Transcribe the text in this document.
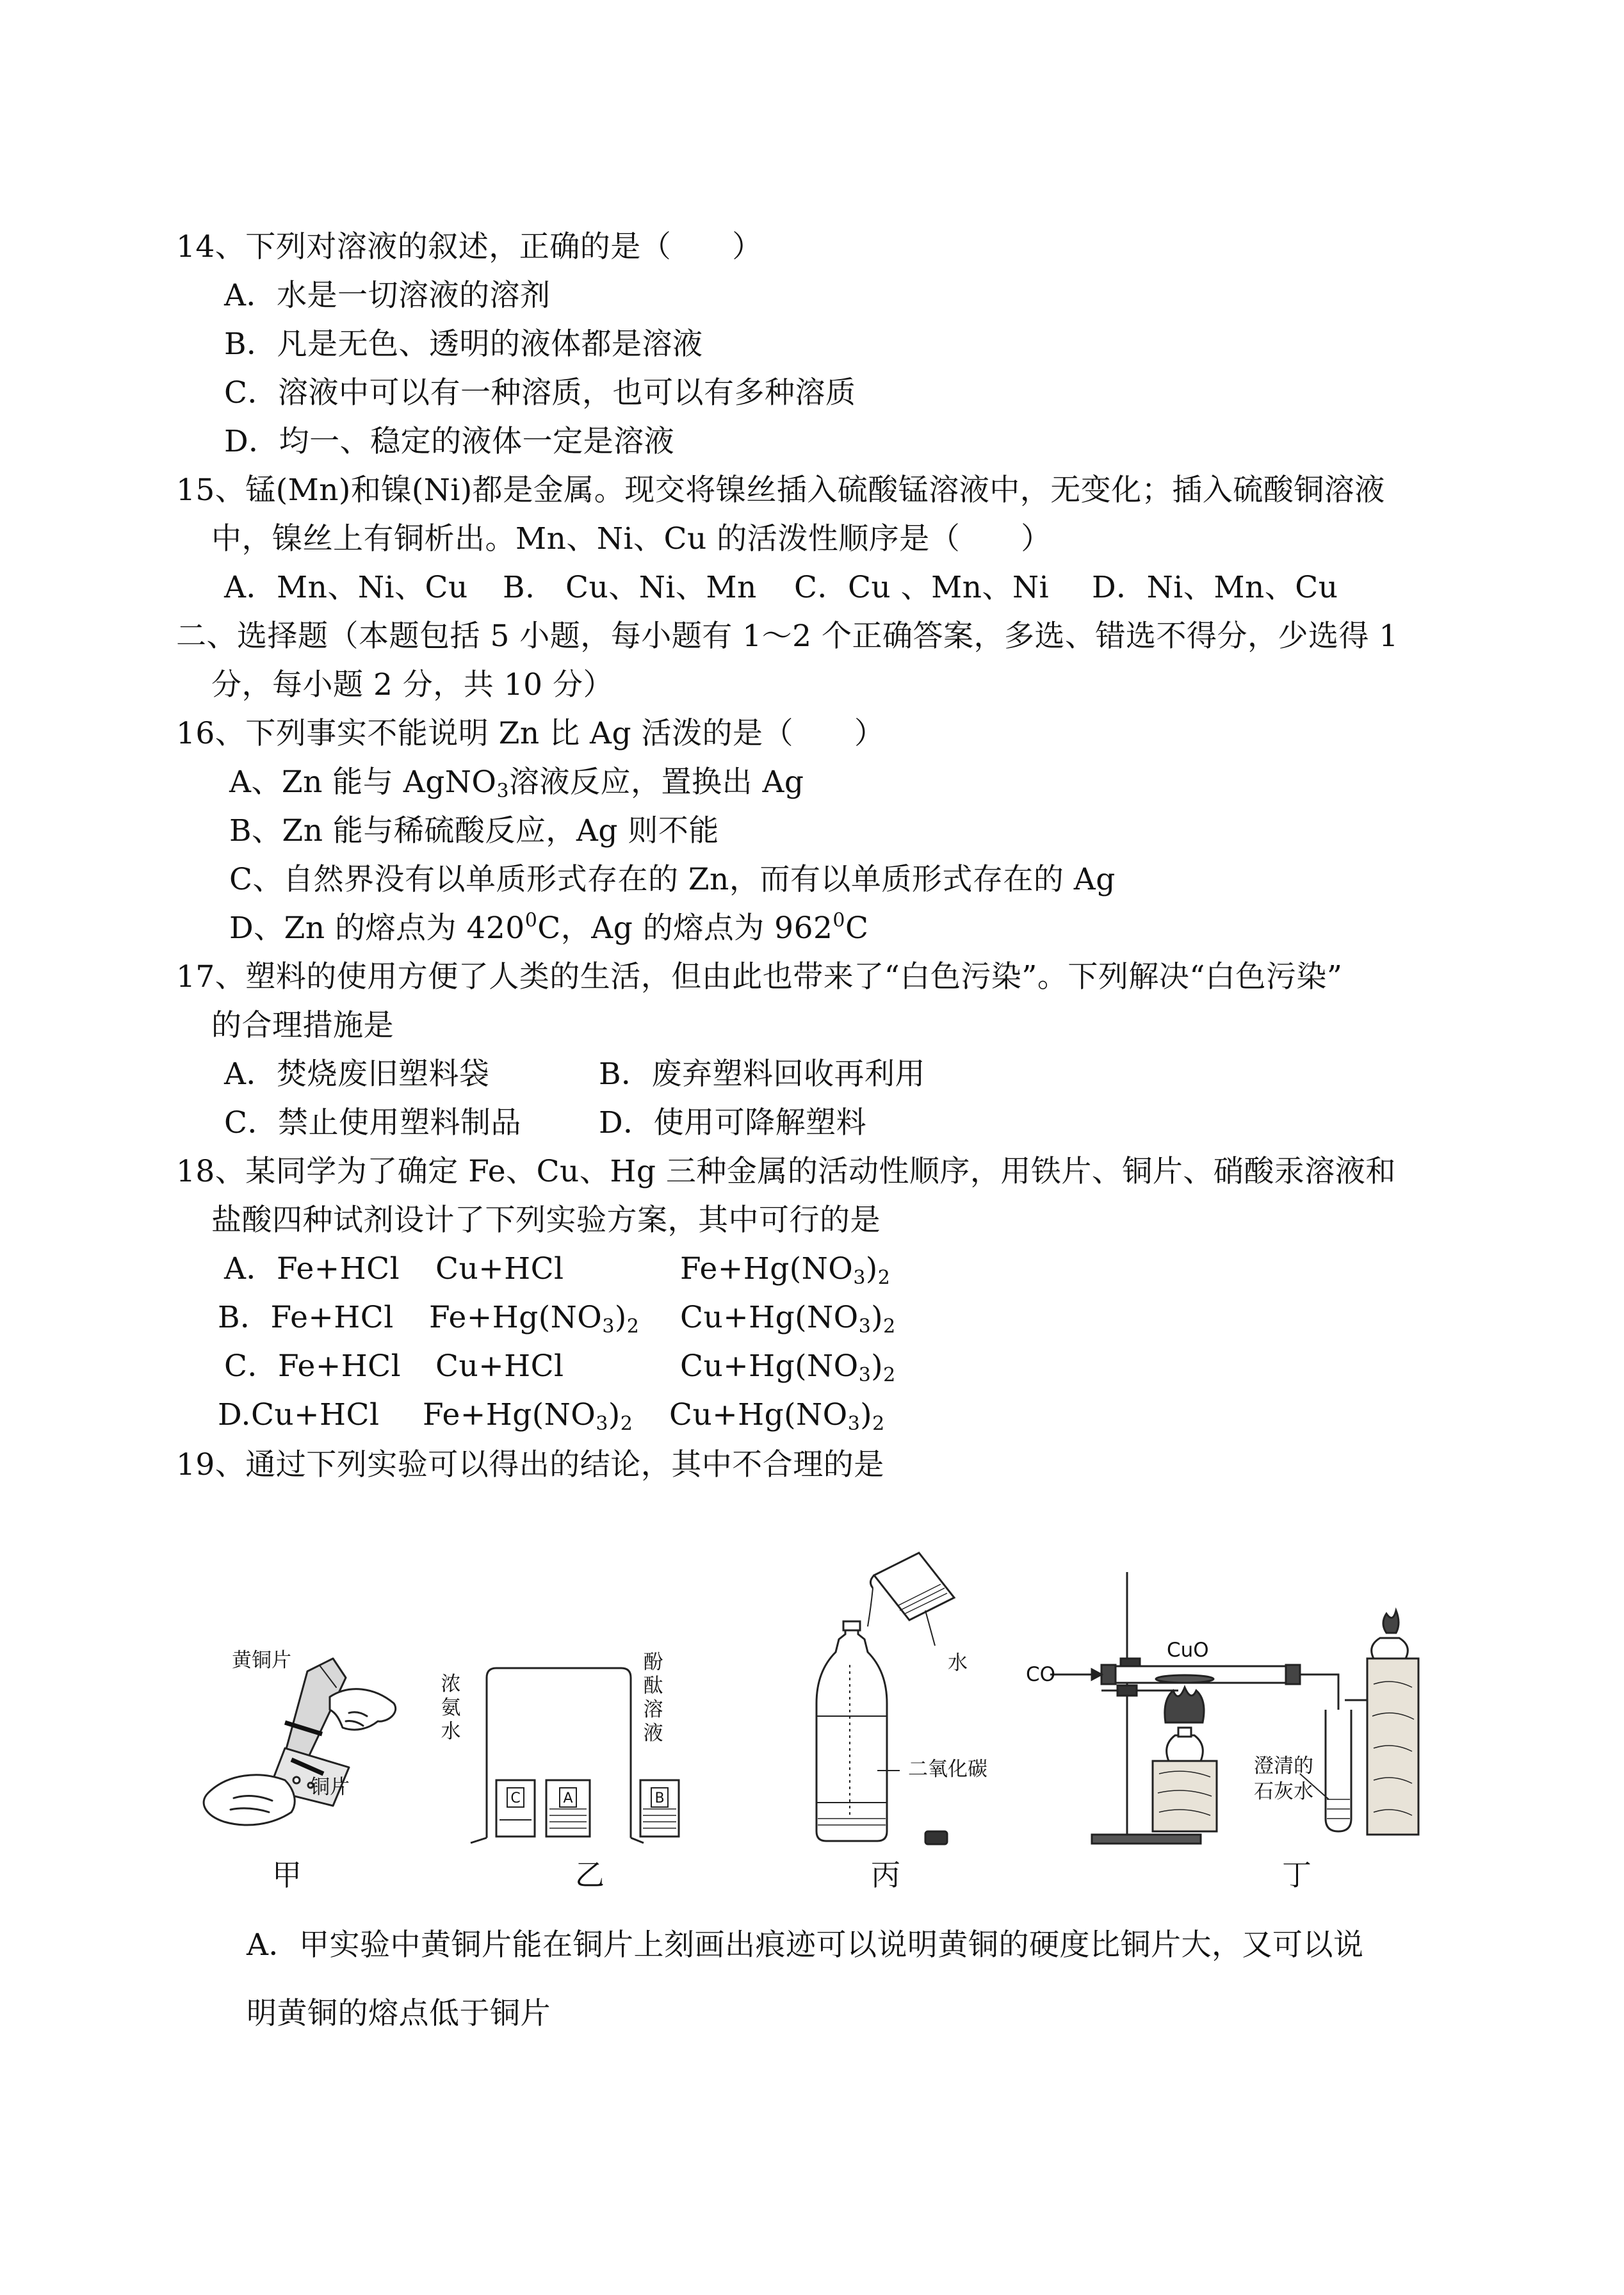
14、下列对溶液的叙述，正确的是（　　）
A．水是一切溶液的溶剂
B．凡是无色、透明的液体都是溶液
C．溶液中可以有一种溶质，也可以有多种溶质
D．均一、稳定的液体一定是溶液
15、锰(Mn)和镍(Ni)都是金属。现交将镍丝插入硫酸锰溶液中，无变化；插入硫酸铜溶液
中，镍丝上有铜析出。Mn、Ni、Cu 的活泼性顺序是（　　）
A．Mn、Ni、Cu B.　Cu、Ni、Mn C．Cu 、Mn、Ni D．Ni、Mn、Cu
二、选择题（本题包括 5 小题，每小题有 1～2 个正确答案，多选、错选不得分，少选得 1
分，每小题 2 分，共 10 分）
16、下列事实不能说明 Zn 比 Ag 活泼的是（　　）
A、Zn 能与 AgNO$_3$溶液反应，置换出 Ag
B、Zn 能与稀硫酸反应，Ag 则不能
C、自然界没有以单质形式存在的 Zn，而有以单质形式存在的 Ag
D、Zn 的熔点为 $420^0C$，Ag 的熔点为 $962^0C$
17、塑料的使用方便了人类的生活，但由此也带来了“白色污染”。下列解决“白色污染”
的合理措施是
A．焚烧废旧塑料袋	B．废弃塑料回收再利用
C．禁止使用塑料制品	D．使用可降解塑料
18、某同学为了确定 Fe、Cu、Hg 三种金属的活动性顺序，用铁片、铜片、硝酸汞溶液和
盐酸四种试剂设计了下列实验方案，其中可行的是
A．Fe+HCl Cu+HCl	$Fe+Hg(NO_3)_2$
B．Fe+HCl $Fe+Hg(NO_3)_2$ $Cu+Hg(NO_3)_2$
C．Fe+HCl Cu+HCl	$Cu+Hg(NO_3)_2$
D.Cu+HCl $Fe+Hg(NO_3)_2$ $Cu+Hg(NO_3)_2$
19、通过下列实验可以得出的结论，其中不合理的是
黄铜片
铜片
甲
C	A	B
浓氨水
酚酞溶液
乙
水
二氧化碳
丙
CO
CuO
澄清的石灰水
丁
A．甲实验中黄铜片能在铜片上刻画出痕迹可以说明黄铜的硬度比铜片大，又可以说
明黄铜的熔点低于铜片
